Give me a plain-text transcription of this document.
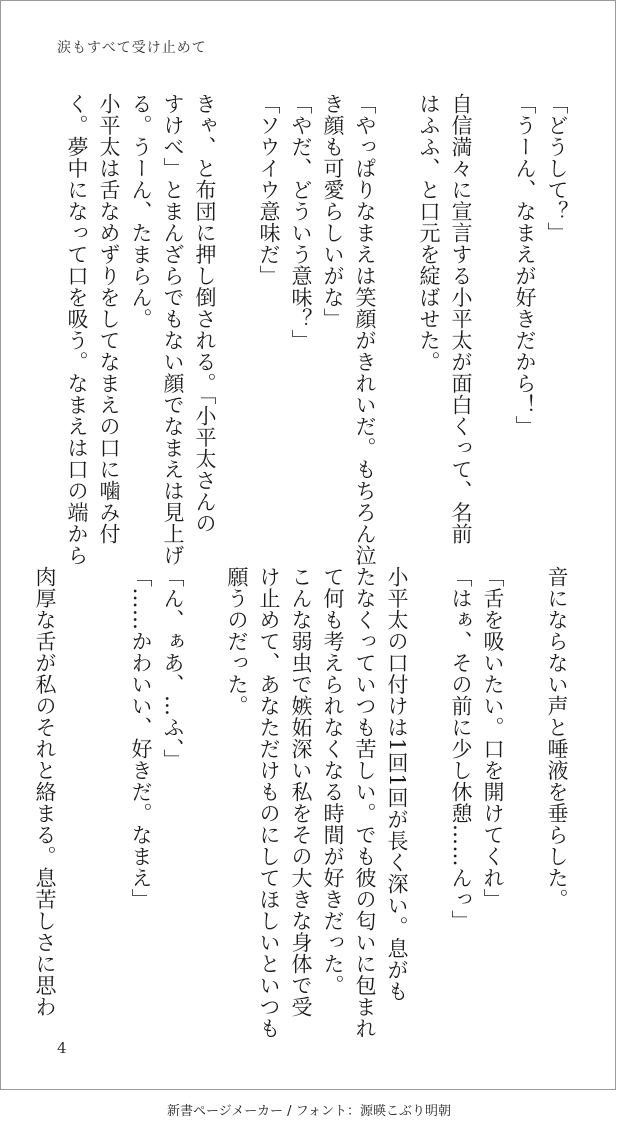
涙もすべて受け止めて
「どうして？」
「うーん、なまえが好きだから！」

自信満々に宣言する小平太が面白くって、名前
はふふ、と口元を綻ばせた。

「やっぱりなまえは笑顔がきれいだ。もちろん泣
き顔も可愛らしいがな」
「やだ、どういう意味？」
「ソウイウ意味だ」

きゃ、と布団に押し倒される。「小平太さんの
すけべ」とまんざらでもない顔でなまえは見上げ
る。うーん、たまらん。
小平太は舌なめずりをしてなまえの口に噛み付
く。夢中になって口を吸う。なまえは口の端から
音にならない声と唾液を垂らした。

「舌を吸いたい。口を開けてくれ」
「はぁ、その前に少し休憩……んっ」

小平太の口付けは1回1回が長く深い。息がも
たなくっていつも苦しい。でも彼の匂いに包まれ
て何も考えられなくなる時間が好きだった。
こんな弱虫で嫉妬深い私をその大きな身体で受
け止めて、あなただけものにしてほしいといつも
願うのだった。

「ん、ぁあ、…ふ、」
「……かわいい、好きだ。なまえ」

肉厚な舌が私のそれと絡まる。息苦しさに思わ
4
新書ページメーカー / フォント：源暎こぶり明朝
